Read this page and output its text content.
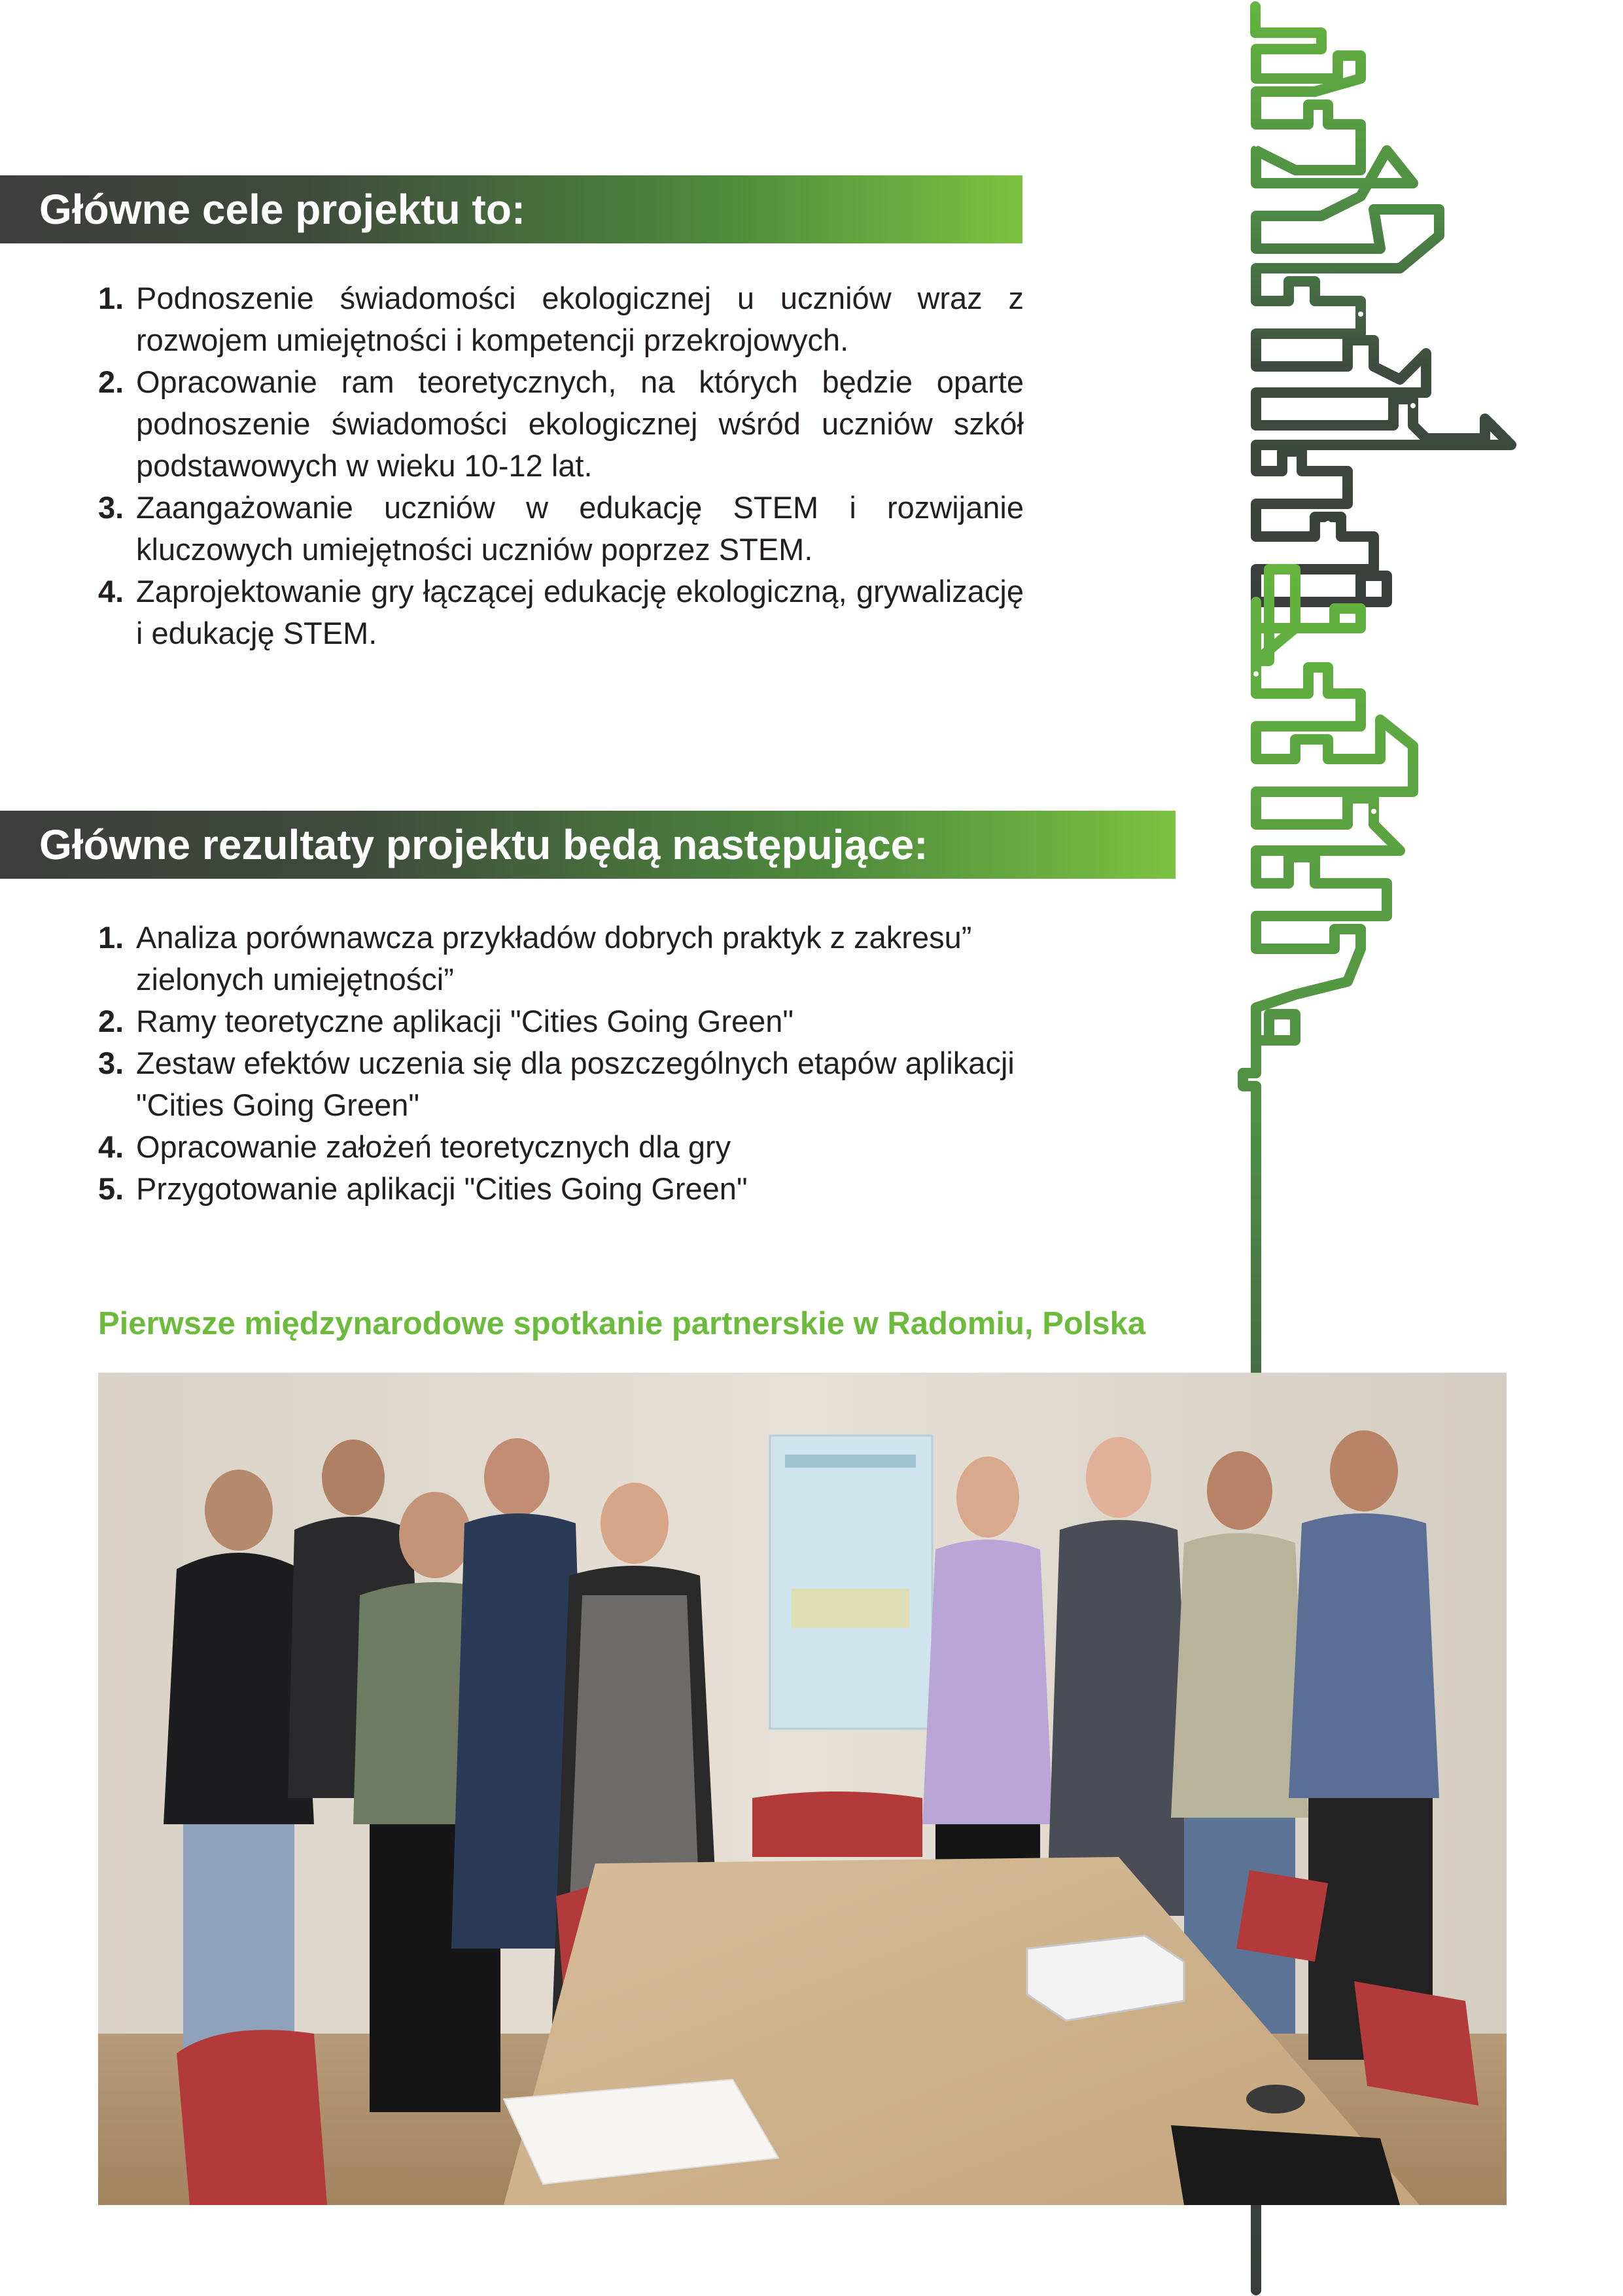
Główne cele projektu to:
1. Podnoszenie świadomości ekologicznej u uczniów wraz z rozwojem umiejętności i kompetencji przekrojowych.
2. Opracowanie ram teoretycznych, na których będzie oparte podnoszenie świadomości ekologicznej wśród uczniów szkół podstawowych w wieku 10-12 lat.
3. Zaangażowanie uczniów w edukację STEM i rozwijanie kluczowych umiejętności uczniów poprzez STEM.
4. Zaprojektowanie gry łączącej edukację ekologiczną, grywalizację i edukację STEM.
Główne rezultaty projektu będą następujące:
1. Analiza porównawcza przykładów dobrych praktyk z zakresu” zielonych umiejętności”
2. Ramy teoretyczne aplikacji "Cities Going Green"
3. Zestaw efektów uczenia się dla poszczególnych etapów aplikacji "Cities Going Green"
4. Opracowanie założeń teoretycznych dla gry
5. Przygotowanie aplikacji "Cities Going Green"
Pierwsze międzynarodowe spotkanie partnerskie w Radomiu, Polska
